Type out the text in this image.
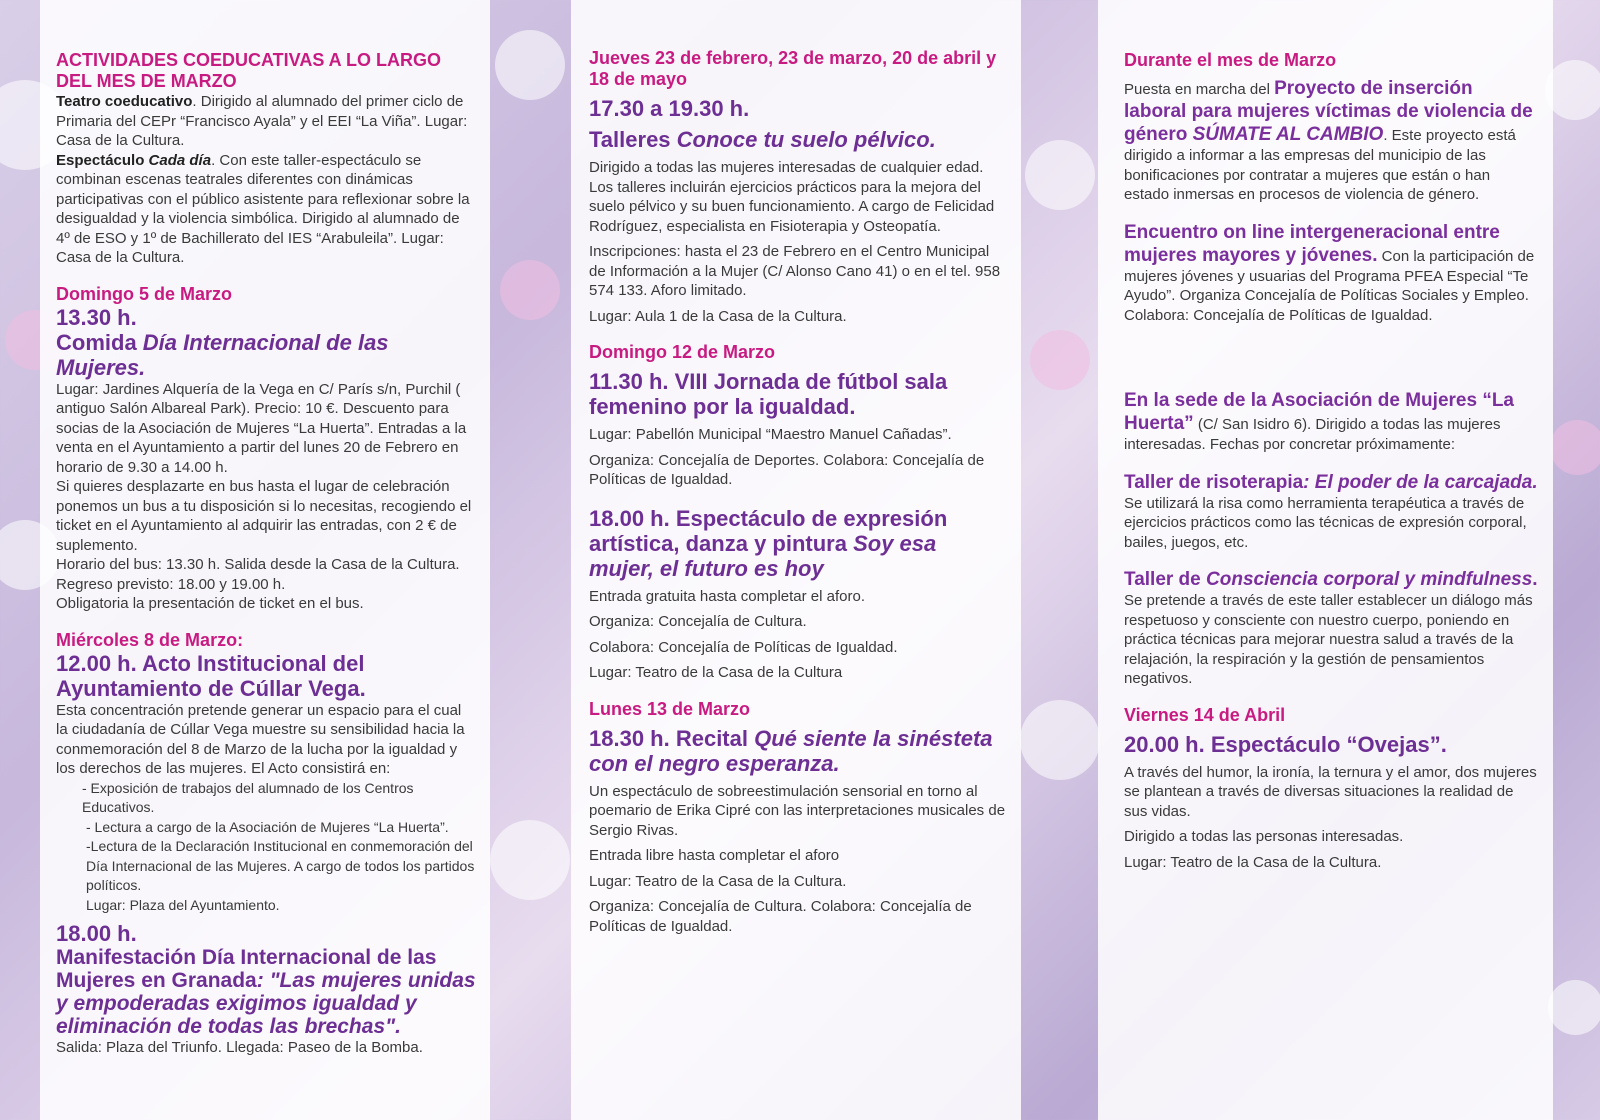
ACTIVIDADES COEDUCATIVAS A LO LARGO DEL MES DE MARZO

Teatro coeducativo. Dirigido al alumnado del primer ciclo de Primaria del CEPr “Francisco Ayala” y el EEI “La Viña”. Lugar: Casa de la Cultura.

Espectáculo Cada día. Con este taller-espectáculo se combinan escenas teatrales diferentes con dinámicas participativas con el público asistente para reflexionar sobre la desigualdad y la violencia simbólica. Dirigido al alumnado de 4º de ESO y 1º de Bachillerato del IES “Arabuleila”. Lugar: Casa de la Cultura.

Domingo 5 de Marzo

13.30 h.

Comida Día Internacional de las Mujeres.

Lugar: Jardines Alquería de la Vega en C/ París s/n, Purchil ( antiguo Salón Albareal Park). Precio: 10 €. Descuento para socias de la Asociación de Mujeres “La Huerta”. Entradas a la venta en el Ayuntamiento a partir del lunes 20 de Febrero en horario de 9.30 a 14.00 h.

Si quieres desplazarte en bus hasta el lugar de celebración ponemos un bus a tu disposición si lo necesitas, recogiendo el ticket en el Ayuntamiento al adquirir las entradas, con 2 € de suplemento.

Horario del bus: 13.30 h. Salida desde la Casa de la Cultura.

Regreso previsto: 18.00 y 19.00 h.

Obligatoria la presentación de ticket en el bus.

Miércoles 8 de Marzo:

12.00 h. Acto Institucional del Ayuntamiento de Cúllar Vega.

Esta concentración pretende generar un espacio para el cual la ciudadanía de Cúllar Vega muestre su sensibilidad hacia la conmemoración del 8 de Marzo de la lucha por la igualdad y los derechos de las mujeres. El Acto consistirá en:

- Exposición de trabajos del alumnado de los Centros Educativos.

- Lectura a cargo de la Asociación de Mujeres “La Huerta”.

-Lectura de la Declaración Institucional en conmemoración del Día Internacional de las Mujeres. A cargo de todos los partidos políticos.

Lugar: Plaza del Ayuntamiento.

18.00 h.

Manifestación Día Internacional de las Mujeres en Granada: "Las mujeres unidas y empoderadas exigimos igualdad y eliminación de todas las brechas".

Salida: Plaza del Triunfo. Llegada: Paseo de la Bomba.

Jueves 23 de febrero, 23 de marzo, 20 de abril y 18 de mayo

17.30 a 19.30 h.

Talleres Conoce tu suelo pélvico.

Dirigido a todas las mujeres interesadas de cualquier edad. Los talleres incluirán ejercicios prácticos para la mejora del suelo pélvico y su buen funcionamiento. A cargo de Felicidad Rodríguez, especialista en Fisioterapia y Osteopatía.

Inscripciones: hasta el 23 de Febrero en el Centro Municipal de Información a la Mujer (C/ Alonso Cano 41) o en el tel. 958 574 133. Aforo limitado.

Lugar: Aula 1 de la Casa de la Cultura.

Domingo 12 de Marzo

11.30 h. VIII Jornada de fútbol sala femenino por la igualdad.

Lugar: Pabellón Municipal “Maestro Manuel Cañadas”.

Organiza: Concejalía de Deportes. Colabora: Concejalía de Políticas de Igualdad.

18.00 h. Espectáculo de expresión artística, danza y pintura Soy esa mujer, el futuro es hoy

Entrada gratuita hasta completar el aforo.

Organiza: Concejalía de Cultura.

Colabora: Concejalía de Políticas de Igualdad.

Lugar: Teatro de la Casa de la Cultura

Lunes 13 de Marzo

18.30 h. Recital Qué siente la sinésteta con el negro esperanza.

Un espectáculo de sobreestimulación sensorial en torno al poemario de Erika Cipré con las interpretaciones musicales de Sergio Rivas.

Entrada libre hasta completar el aforo

Lugar: Teatro de la Casa de la Cultura.

Organiza: Concejalía de Cultura. Colabora: Concejalía de Políticas de Igualdad.

Durante el mes de Marzo

Puesta en marcha del Proyecto de inserción laboral para mujeres víctimas de violencia de género SÚMATE AL CAMBIO. Este proyecto está dirigido a informar a las empresas del municipio de las bonificaciones por contratar a mujeres que están o han estado inmersas en procesos de violencia de género.

Encuentro on line intergeneracional entre mujeres mayores y jóvenes. Con la participación de mujeres jóvenes y usuarias del Programa PFEA Especial “Te Ayudo”. Organiza Concejalía de Políticas Sociales y Empleo. Colabora: Concejalía de Políticas de Igualdad.

En la sede de la Asociación de Mujeres “La Huerta” (C/ San Isidro 6). Dirigido a todas las mujeres interesadas. Fechas por concretar próximamente:

Taller de risoterapia: El poder de la carcajada.

Se utilizará la risa como herramienta terapéutica a través de ejercicios prácticos como las técnicas de expresión corporal, bailes, juegos, etc.

Taller de Consciencia corporal y mindfulness.

Se pretende a través de este taller establecer un diálogo más respetuoso y consciente con nuestro cuerpo, poniendo en práctica técnicas para mejorar nuestra salud a través de la relajación, la respiración y la gestión de pensamientos negativos.

Viernes 14 de Abril

20.00 h. Espectáculo “Ovejas”.

A través del humor, la ironía, la ternura y el amor, dos mujeres se plantean a través de diversas situaciones la realidad de sus vidas.

Dirigido a todas las personas interesadas.

Lugar: Teatro de la Casa de la Cultura.
